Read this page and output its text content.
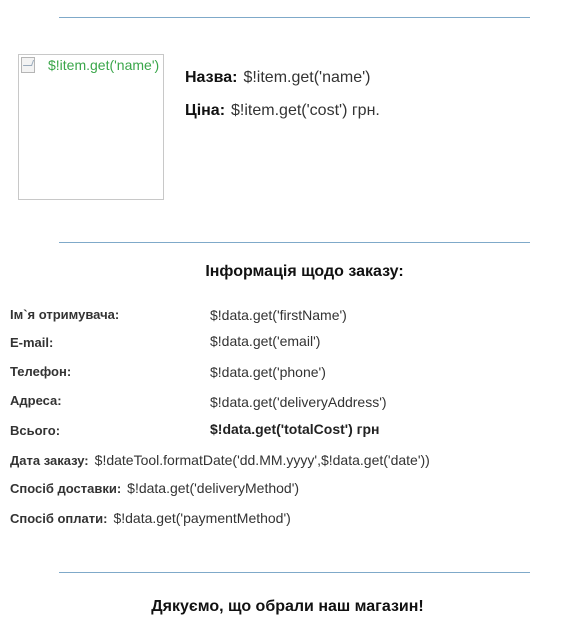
$!item.get('name')
Назва: $!item.get('name')
Ціна: $!item.get('cost') грн.
Інформація щодо заказу:
Ім`я отримувача:	$!data.get('firstName')
E-mail:	$!data.get('email')
Телефон:	$!data.get('phone')
Адреса:	$!data.get('deliveryAddress')
Всього:	$!data.get('totalCost') грн
Дата заказу: $!dateTool.formatDate('dd.MM.yyyy',$!data.get('date'))
Спосіб доставки: $!data.get('deliveryMethod')
Спосіб оплати: $!data.get('paymentMethod')
Дякуємо, що обрали наш магазин!
